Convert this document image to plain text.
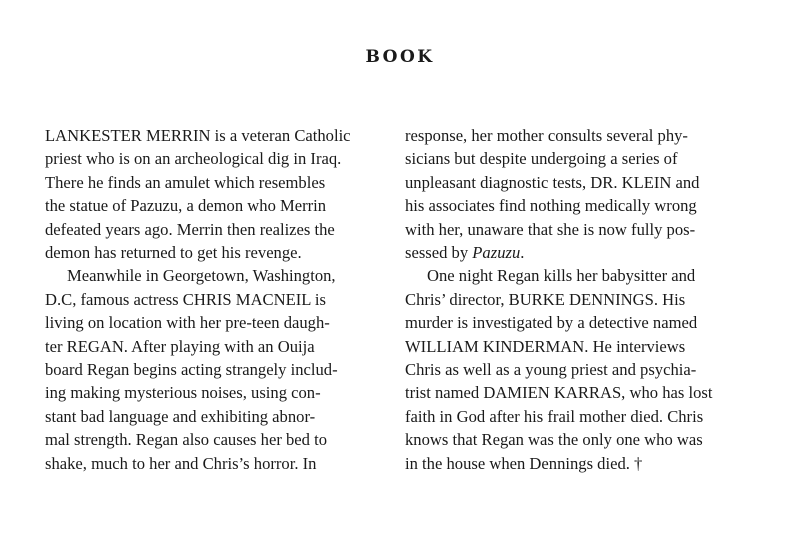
BOOK
LANKESTER MERRIN is a veteran Catholic
priest who is on an archeological dig in Iraq.
There he finds an amulet which resembles
the statue of Pazuzu, a demon who Merrin
defeated years ago. Merrin then realizes the
demon has returned to get his revenge.
Meanwhile in Georgetown, Washington,
D.C, famous actress CHRIS MACNEIL is
living on location with her pre-teen daugh-
ter REGAN. After playing with an Ouija
board Regan begins acting strangely includ-
ing making mysterious noises, using con-
stant bad language and exhibiting abnor-
mal strength. Regan also causes her bed to
shake, much to her and Chris’s horror. In
response, her mother consults several phy-
sicians but despite undergoing a series of
unpleasant diagnostic tests, DR. KLEIN and
his associates find nothing medically wrong
with her, unaware that she is now fully pos-
sessed by Pazuzu.
One night Regan kills her babysitter and
Chris’ director, BURKE DENNINGS. His
murder is investigated by a detective named
WILLIAM KINDERMAN. He interviews
Chris as well as a young priest and psychia-
trist named DAMIEN KARRAS, who has lost
faith in God after his frail mother died. Chris
knows that Regan was the only one who was
in the house when Dennings died. †
